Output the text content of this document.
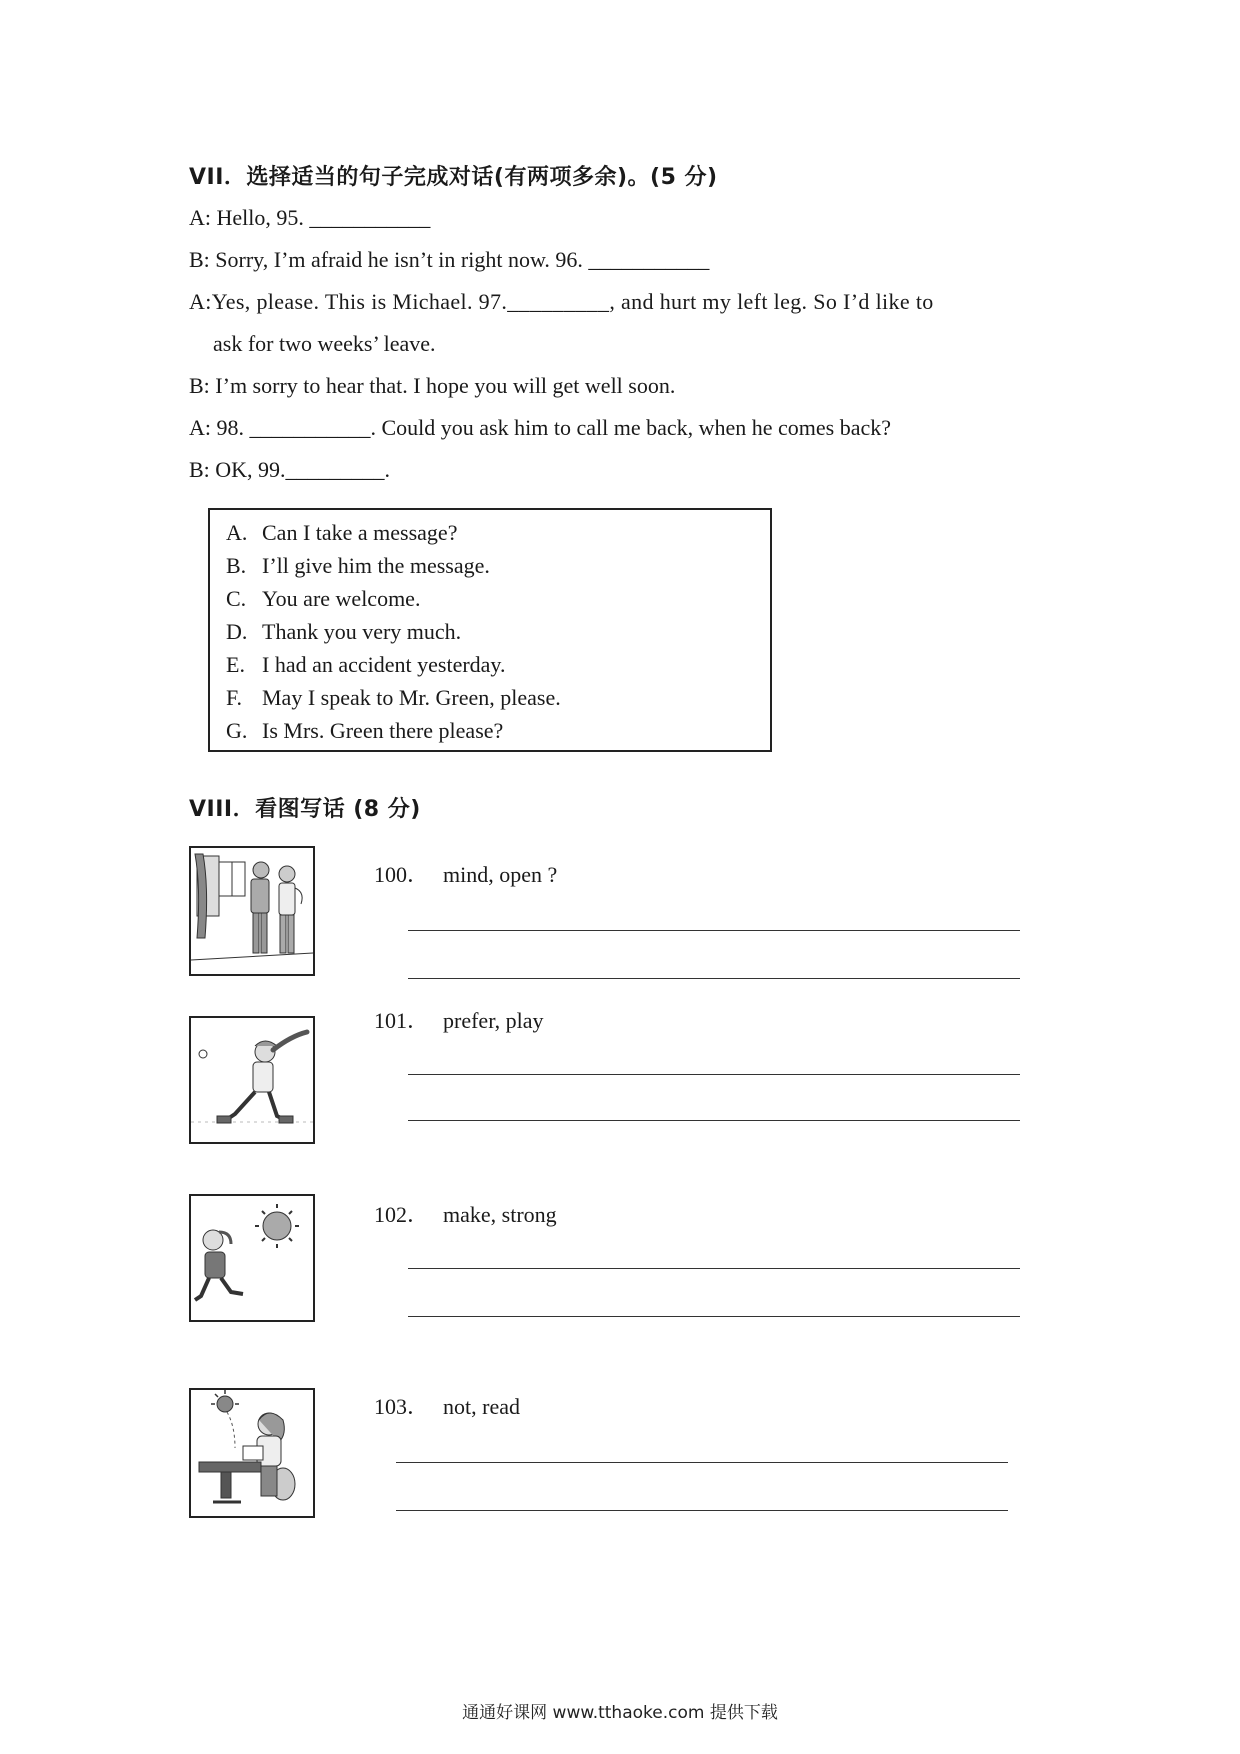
VII．选择适当的句子完成对话(有两项多余)。(5 分)
A: Hello, 95. ___________
B: Sorry, I’m afraid he isn’t in right now. 96. ___________
A:Yes, please. This is Michael. 97._________, and hurt my left leg. So I’d like to
ask for two weeks’ leave.
B: I’m sorry to hear that. I hope you will get well soon.
A: 98. ___________. Could you ask him to call me back, when he comes back?
B: OK, 99._________.
A. Can I take a message?
B. I’ll give him the message.
C. You are welcome.
D. Thank you very much.
E. I had an accident yesterday.
F. May I speak to Mr. Green, please.
G. Is Mrs. Green there please?
VIII．看图写话 (8 分)
100． mind, open ?
101． prefer, play
102． make, strong
103． not, read
通通好课网 www.tthaoke.com 提供下载
